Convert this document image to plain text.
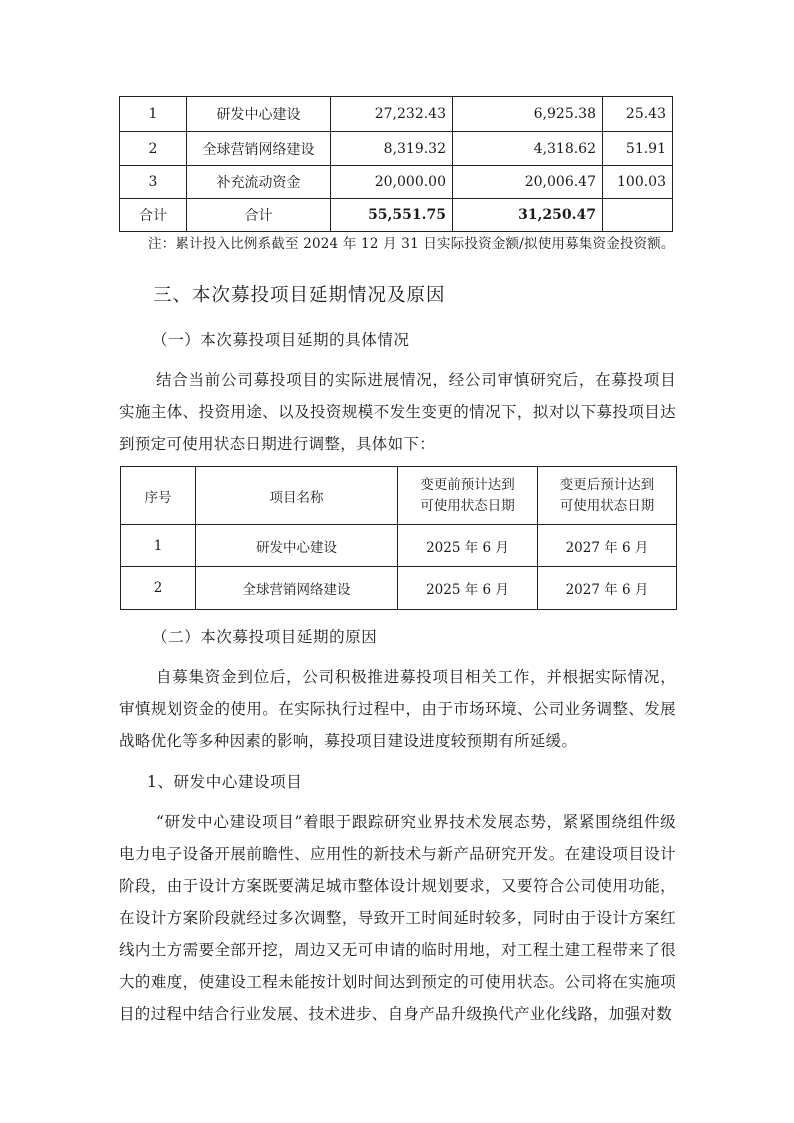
1	研发中心建设	27,232.43	6,925.38	25.43
2	全球营销网络建设	8,319.32	4,318.62	51.91
3	补充流动资金	20,000.00	20,006.47	100.03
合计	合计	55,551.75	31,250.47	
注：累计投入比例系截至 2024 年 12 月 31 日实际投资金额/拟使用募集资金投资额。
三、本次募投项目延期情况及原因
（一）本次募投项目延期的具体情况
结合当前公司募投项目的实际进展情况，经公司审慎研究后，在募投项目实施主体、投资用途、以及投资规模不发生变更的情况下，拟对以下募投项目达到预定可使用状态日期进行调整，具体如下：
序号	项目名称	变更前预计达到可使用状态日期	变更后预计达到可使用状态日期
1	研发中心建设	2025 年 6 月	2027 年 6 月
2	全球营销网络建设	2025 年 6 月	2027 年 6 月
（二）本次募投项目延期的原因
自募集资金到位后，公司积极推进募投项目相关工作，并根据实际情况，审慎规划资金的使用。在实际执行过程中，由于市场环境、公司业务调整、发展战略优化等多种因素的影响，募投项目建设进度较预期有所延缓。
1、研发中心建设项目
“研发中心建设项目”着眼于跟踪研究业界技术发展态势，紧紧围绕组件级电力电子设备开展前瞻性、应用性的新技术与新产品研究开发。在建设项目设计阶段，由于设计方案既要满足城市整体设计规划要求，又要符合公司使用功能，在设计方案阶段就经过多次调整，导致开工时间延时较多，同时由于设计方案红线内土方需要全部开挖，周边又无可申请的临时用地，对工程土建工程带来了很大的难度，使建设工程未能按计划时间达到预定的可使用状态。公司将在实施项目的过程中结合行业发展、技术进步、自身产品升级换代产业化线路，加强对数
